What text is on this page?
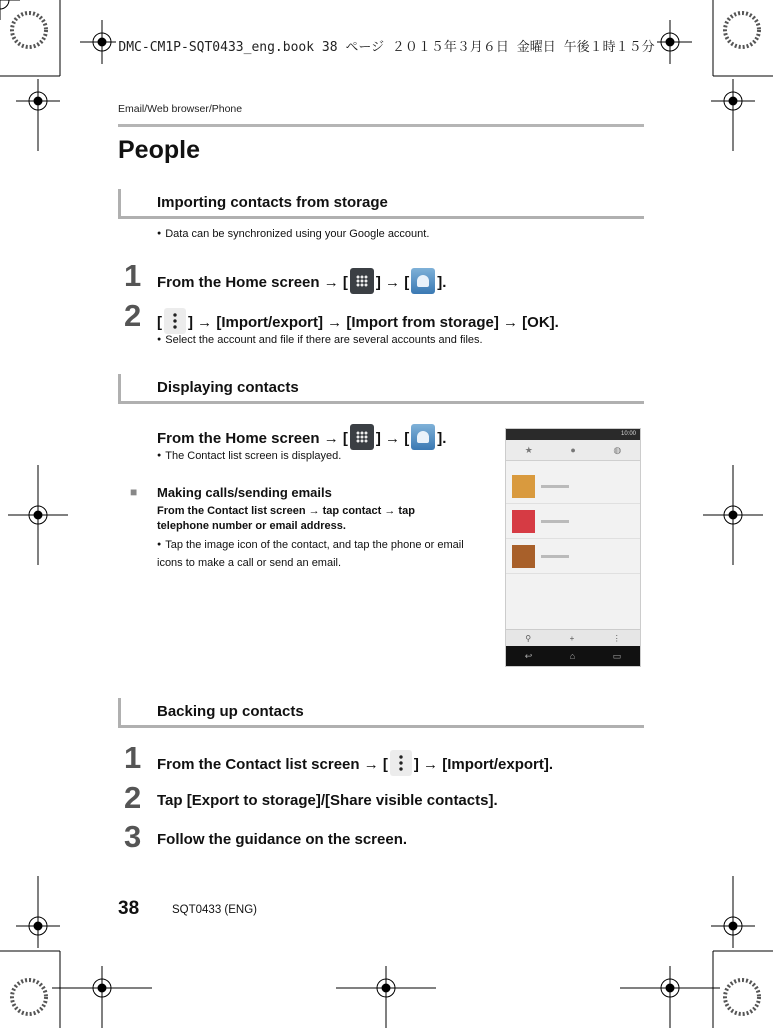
DMC-CM1P-SQT0433_eng.book 38 ページ ２０１５年３月６日 金曜日 午後１時１５分
Email/Web browser/Phone
People
Importing contacts from storage
● Data can be synchronized using your Google account.
1 From the Home screen → [ ] → [ ].
2 [ ] → [Import/export] → [Import from storage] → [OK].
● Select the account and file if there are several accounts and files.
Displaying contacts
From the Home screen → [ ] → [ ].
● The Contact list screen is displayed.
■ Making calls/sending emails
From the Contact list screen → tap contact → tap telephone number or email address.
● Tap the image icon of the contact, and tap the phone or email icons to make a call or send an email.
10:00
★	●	◍
⚲	+	⋮
↩	⌂	▭
Backing up contacts
1 From the Contact list screen → [ ] → [Import/export].
2 Tap [Export to storage]/[Share visible contacts].
3 Follow the guidance on the screen.
38	SQT0433 (ENG)
